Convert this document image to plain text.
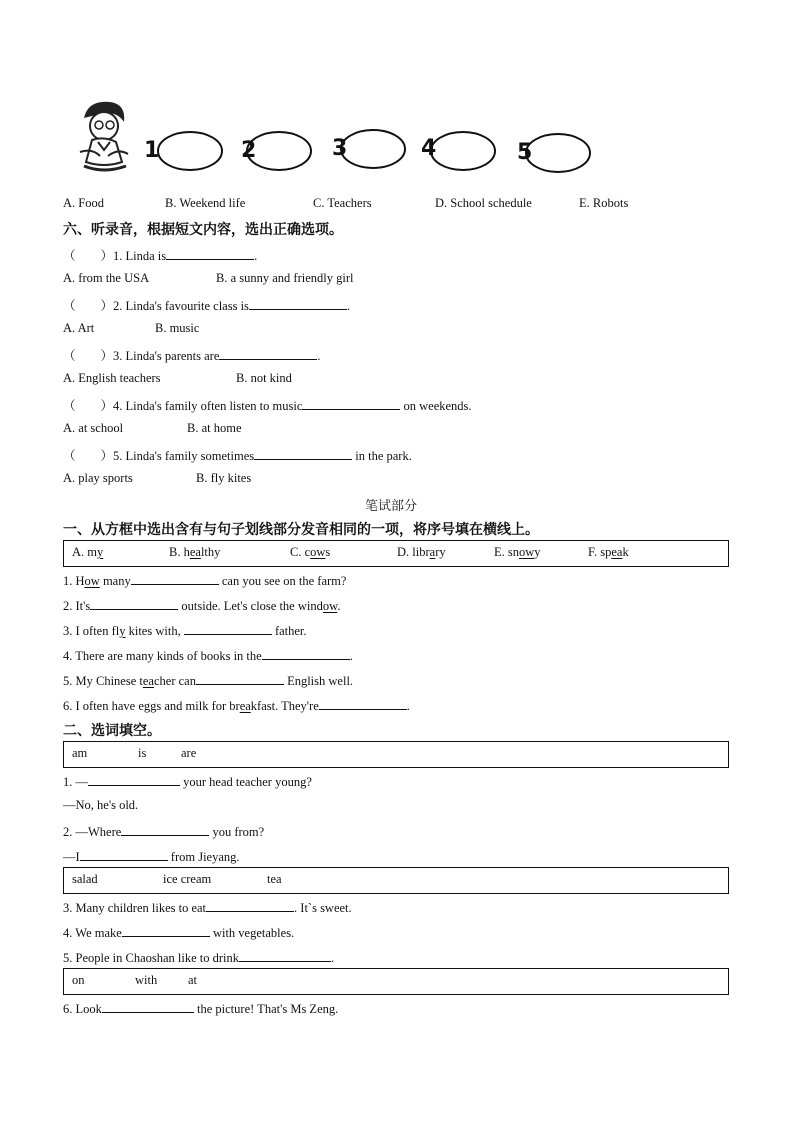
1	2	3	4	5
A. Food	B. Weekend life	C. Teachers	D. School schedule	E. Robots
六、听录音，根据短文内容，选出正确选项。
（　　）1. Linda is	.
A. from the USA	B. a sunny and friendly girl
（　　）2. Linda's favourite class is	.
A. Art	B. music
（　　）3. Linda's parents are	.
A. English teachers	B. not kind
（　　）4. Linda's family often listen to music	on weekends.
A. at school	B. at home
（　　）5. Linda's family sometimes	in the park.
A. play sports	B. fly kites
笔试部分
一、从方框中选出含有与句子划线部分发音相同的一项，将序号填在横线上。
A. my	B. healthy	C. cows	D. library	E. snowy	F. speak
1. How many	can you see on the farm?
2. It's	outside. Let's close the window.
3. I often fly kites with,	father.
4. There are many kinds of books in the	.
5. My Chinese teacher can	English well.
6. I often have eggs and milk for breakfast. They're	.
二、选词填空。
am	is	are
1. —	your head teacher young?
—No, he's old.
2. —Where	you from?
—I	from Jieyang.
salad	ice cream	tea
3. Many children likes to eat	. It`s sweet.
4. We make	with vegetables.
5. People in Chaoshan like to drink	.
on	with at
6. Look	the picture! That's Ms Zeng.
